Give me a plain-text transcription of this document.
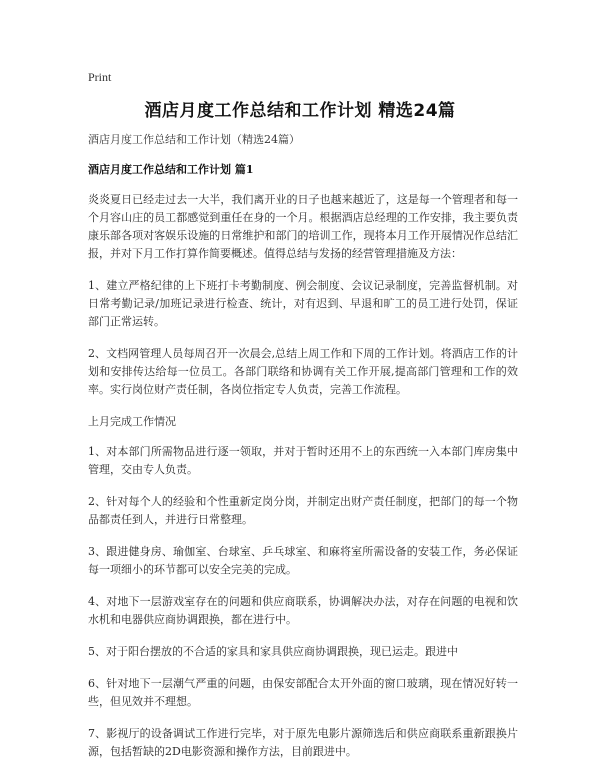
Print
酒店月度工作总结和工作计划 精选24篇

酒店月度工作总结和工作计划（精选24篇）

酒店月度工作总结和工作计划 篇1

炎炎夏日已经走过去一大半，我们离开业的日子也越来越近了，这是每一个管理者和每一个月容山庄的员工都感觉到重任在身的一个月。根据酒店总经理的工作安排，我主要负责康乐部各项对客娱乐设施的日常维护和部门的培训工作，现将本月工作开展情况作总结汇报，并对下月工作打算作简要概述。值得总结与发扬的经营管理措施及方法：

1、建立严格纪律的上下班打卡考勤制度、例会制度、会议记录制度，完善监督机制。对日常考勤记录/加班记录进行检查、统计，对有迟到、早退和旷工的员工进行处罚，保证部门正常运转。

2、文档网管理人员每周召开一次晨会,总结上周工作和下周的工作计划。将酒店工作的计划和安排传达给每一位员工。各部门联络和协调有关工作开展,提高部门管理和工作的效率。实行岗位财产责任制，各岗位指定专人负责，完善工作流程。

上月完成工作情况

1、对本部门所需物品进行逐一领取，并对于暂时还用不上的东西统一入本部门库房集中管理，交由专人负责。

2、针对每个人的经验和个性重新定岗分岗，并制定出财产责任制度，把部门的每一个物品都责任到人，并进行日常整理。

3、跟进健身房、瑜伽室、台球室、乒乓球室、和麻将室所需设备的安装工作，务必保证每一项细小的环节都可以安全完美的完成。

4、对地下一层游戏室存在的问题和供应商联系，协调解决办法，对存在问题的电视和饮水机和电器供应商协调跟换，都在进行中。

5、对于阳台摆放的不合适的家具和家具供应商协调跟换，现已运走。跟进中

6、针对地下一层潮气严重的问题，由保安部配合太开外面的窗口玻璃，现在情况好转一些，但见效并不理想。

7、影视厅的设备调试工作进行完毕，对于原先电影片源筛选后和供应商联系重新跟换片源，包括暂缺的2D电影资源和操作方法，目前跟进中。
